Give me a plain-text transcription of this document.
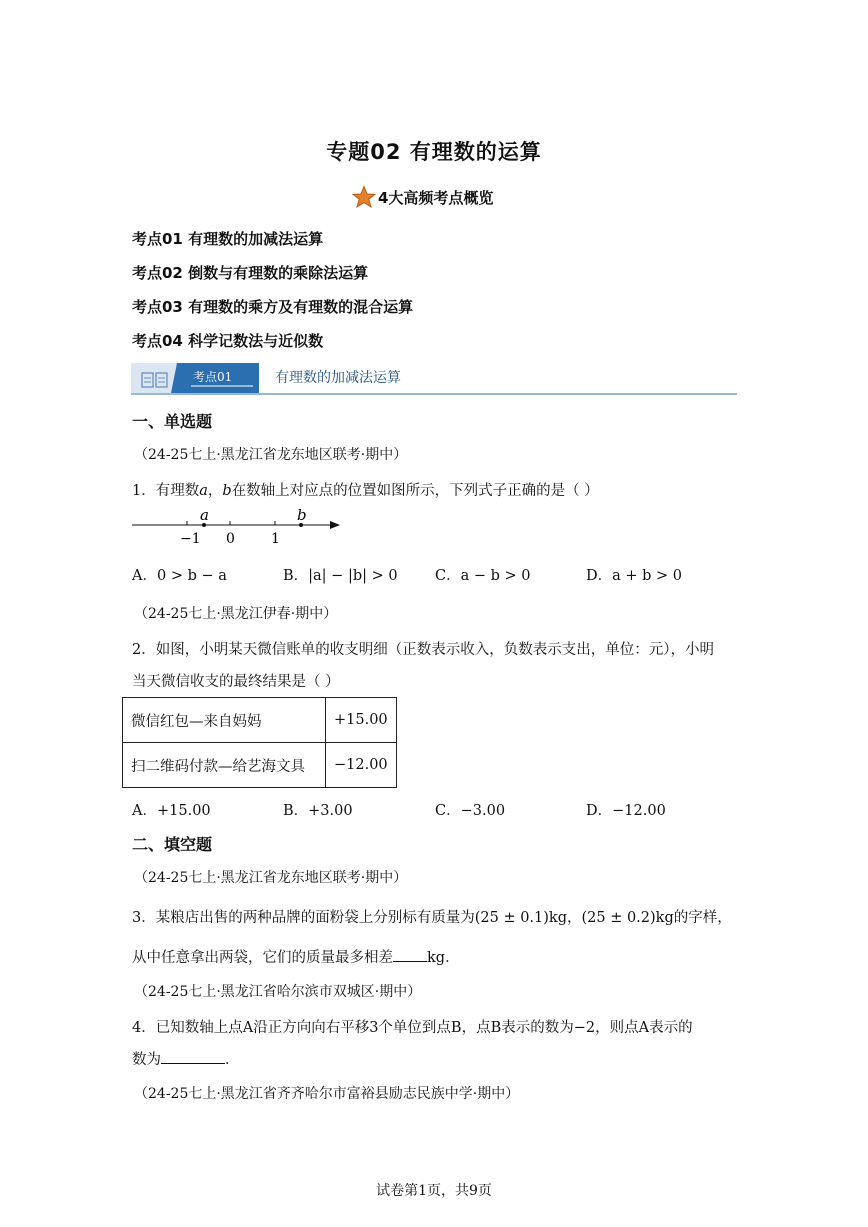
专题02 有理数的运算
4大高频考点概览
考点01 有理数的加减法运算
考点02 倒数与有理数的乘除法运算
考点03 有理数的乘方及有理数的混合运算
考点04 科学记数法与近似数
考点01	有理数的加减法运算
一、单选题
（24-25七上·黑龙江省龙东地区联考·期中）
1．有理数a，b在数轴上对应点的位置如图所示，下列式子正确的是（ ）
−1 0	1
a	b
A．0 > b − a	B．|a| − |b| > 0	C．a − b > 0	D．a + b > 0
（24-25七上·黑龙江伊春·期中）
2．如图，小明某天微信账单的收支明细（正数表示收入，负数表示支出，单位：元），小明
当天微信收支的最终结果是（ ）
微信红包—来自妈妈	+15.00
扫二维码付款—给艺海文具	−12.00
A．+15.00	B．+3.00	C．−3.00	D．−12.00
二、填空题
（24-25七上·黑龙江省龙东地区联考·期中）
3．某粮店出售的两种品牌的面粉袋上分别标有质量为(25 ± 0.1)kg，(25 ± 0.2)kg的字样，
从中任意拿出两袋，它们的质量最多相差 kg．
（24-25七上·黑龙江省哈尔滨市双城区·期中）
4．已知数轴上点A沿正方向向右平移3个单位到点B，点B表示的数为−2，则点A表示的
数为	．
（24-25七上·黑龙江省齐齐哈尔市富裕县励志民族中学·期中）
试卷第1页，共9页
